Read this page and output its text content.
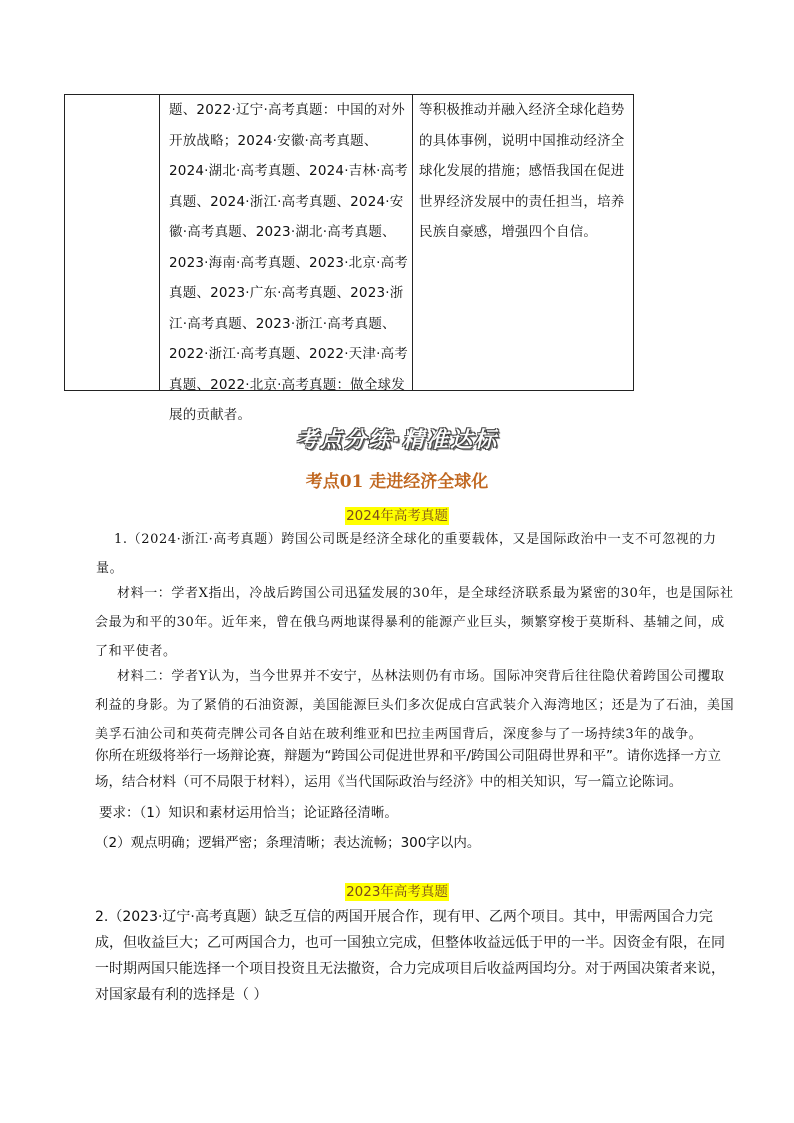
题、2022·辽宁·高考真题：中国的对外开放战略；2024·安徽·高考真题、2024·湖北·高考真题、2024·吉林·高考真题、2024·浙江·高考真题、2024·安徽·高考真题、2023·湖北·高考真题、2023·海南·高考真题、2023·北京·高考真题、2023·广东·高考真题、2023·浙江·高考真题、2023·浙江·高考真题、2022·浙江·高考真题、2022·天津·高考真题、2022·北京·高考真题：做全球发展的贡献者。
等积极推动并融入经济全球化趋势的具体事例，说明中国推动经济全球化发展的措施；感悟我国在促进世界经济发展中的责任担当，培养民族自豪感，增强四个自信。
考点分练·精准达标
考点01 走进经济全球化
2024年高考真题
1.（2024·浙江·高考真题）跨国公司既是经济全球化的重要载体，又是国际政治中一支不可忽视的力量。
材料一：学者X指出，冷战后跨国公司迅猛发展的30年，是全球经济联系最为紧密的30年，也是国际社会最为和平的30年。近年来，曾在俄乌两地谋得暴利的能源产业巨头，频繁穿梭于莫斯科、基辅之间，成了和平使者。
材料二：学者Y认为，当今世界并不安宁，丛林法则仍有市场。国际冲突背后往往隐伏着跨国公司攫取利益的身影。为了紧俏的石油资源，美国能源巨头们多次促成白宫武装介入海湾地区；还是为了石油，美国美孚石油公司和英荷壳牌公司各自站在玻利维亚和巴拉圭两国背后，深度参与了一场持续3年的战争。
你所在班级将举行一场辩论赛，辩题为“跨国公司促进世界和平/跨国公司阻碍世界和平”。请你选择一方立场，结合材料（可不局限于材料），运用《当代国际政治与经济》中的相关知识，写一篇立论陈词。
要求：（1）知识和素材运用恰当；论证路径清晰。
（2）观点明确；逻辑严密；条理清晰；表达流畅；300字以内。
2023年高考真题
2.（2023·辽宁·高考真题）缺乏互信的两国开展合作，现有甲、乙两个项目。其中，甲需两国合力完成，但收益巨大；乙可两国合力，也可一国独立完成，但整体收益远低于甲的一半。因资金有限，在同一时期两国只能选择一个项目投资且无法撤资，合力完成项目后收益两国均分。对于两国决策者来说，对国家最有利的选择是（ ）
